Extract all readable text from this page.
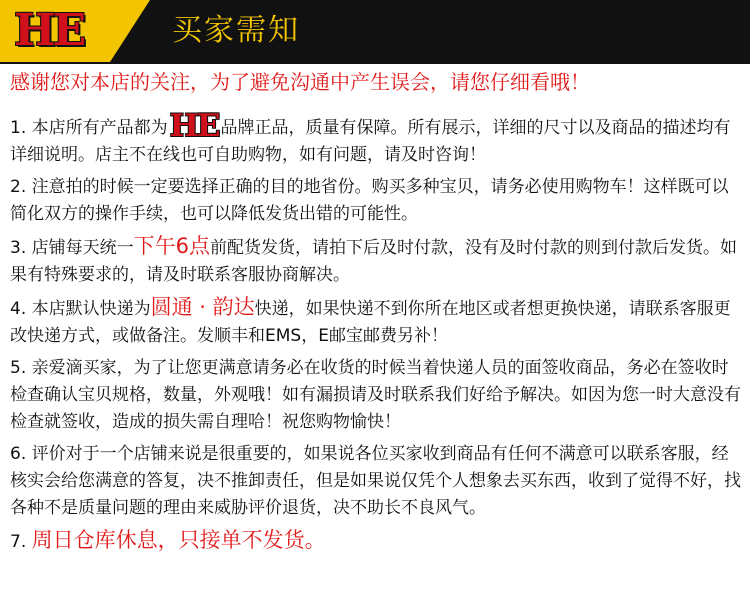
HE	买家需知
感谢您对本店的关注，为了避免沟通中产生误会，请您仔细看哦！
1. 本店所有产品都为HE 品牌正品，质量有保障。所有展示，详细的尺寸以及商品的描述均有详细说明。店主不在线也可自助购物，如有问题，请及时咨询！
2. 注意拍的时候一定要选择正确的目的地省份。购买多种宝贝，请务必使用购物车！这样既可以简化双方的操作手续，也可以降低发货出错的可能性。
3. 店铺每天统一下午6点前配货发货，请拍下后及时付款，没有及时付款的则到付款后发货。如果有特殊要求的，请及时联系客服协商解决。
4. 本店默认快递为圆通 · 韵达快递，如果快递不到你所在地区或者想更换快递，请联系客服更改快递方式，或做备注。发顺丰和EMS，E邮宝邮费另补！
5. 亲爱滴买家，为了让您更满意请务必在收货的时候当着快递人员的面签收商品，务必在签收时检查确认宝贝规格，数量，外观哦！如有漏损请及时联系我们好给予解决。如因为您一时大意没有检查就签收，造成的损失需自理哈！祝您购物愉快！
6. 评价对于一个店铺来说是很重要的，如果说各位买家收到商品有任何不满意可以联系客服，经核实会给您满意的答复，决不推卸责任，但是如果说仅凭个人想象去买东西，收到了觉得不好，找各种不是质量问题的理由来威胁评价退货，决不助长不良风气。
7. 周日仓库休息，只接单不发货。
